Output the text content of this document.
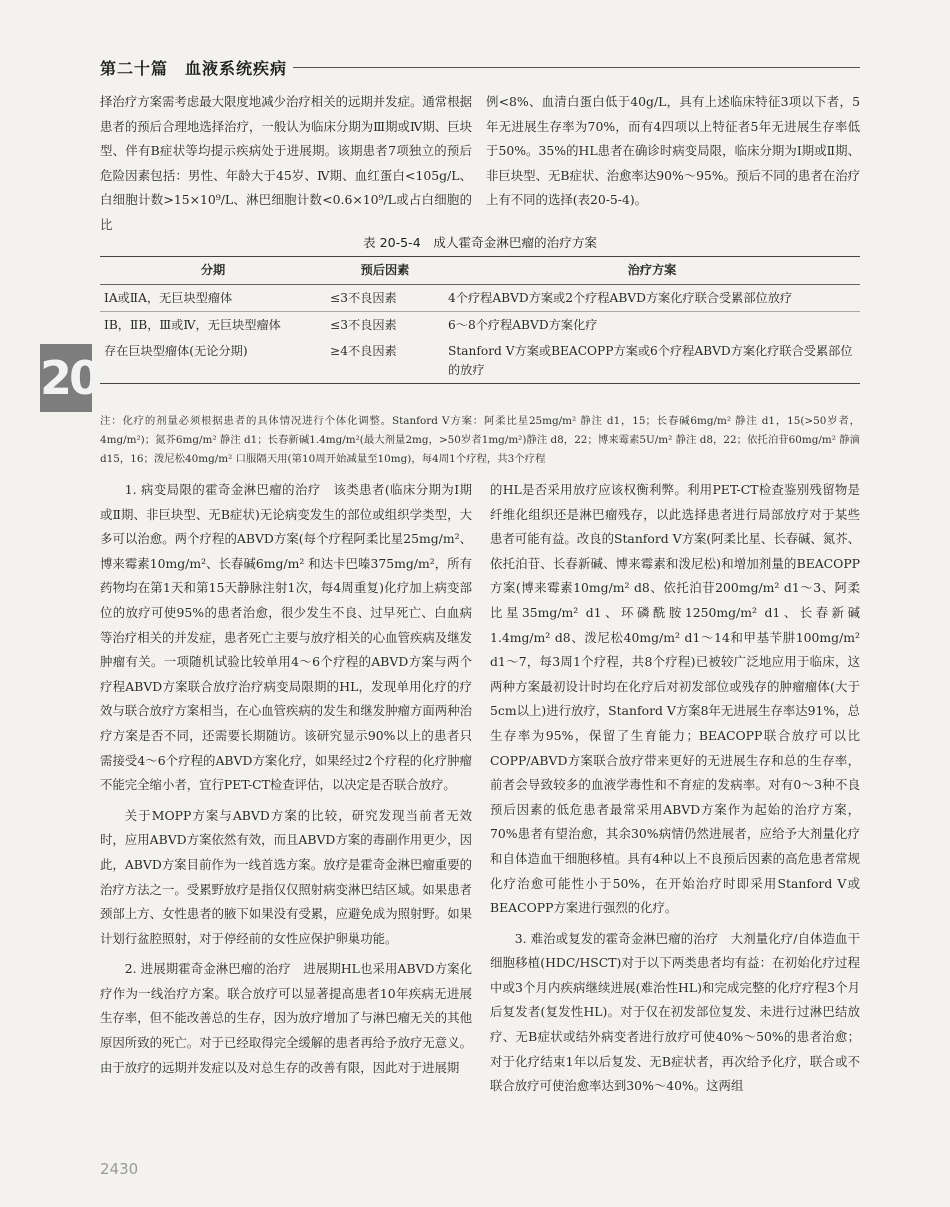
第二十篇　血液系统疾病

择治疗方案需考虑最大限度地减少治疗相关的远期并发症。通常根据患者的预后合理地选择治疗，一般认为临床分期为Ⅲ期或Ⅳ期、巨块型、伴有B症状等均提示疾病处于进展期。该期患者7项独立的预后危险因素包括：男性、年龄大于45岁、Ⅳ期、血红蛋白<105g/L、白细胞计数>15×10⁹/L、淋巴细胞计数<0.6×10⁹/L或占白细胞的比

例<8%、血清白蛋白低于40g/L，具有上述临床特征3项以下者，5年无进展生存率为70%，而有4四项以上特征者5年无进展生存率低于50%。35%的HL患者在确诊时病变局限，临床分期为Ⅰ期或Ⅱ期、非巨块型、无B症状、治愈率达90%～95%。预后不同的患者在治疗上有不同的选择(表20-5-4)。

表 20-5-4　成人霍奇金淋巴瘤的治疗方案
分期	预后因素	治疗方案
ⅠA或ⅡA，无巨块型瘤体	≤3不良因素	4个疗程ABVD方案或2个疗程ABVD方案化疗联合受累部位放疗
ⅠB，ⅡB，Ⅲ或Ⅳ，无巨块型瘤体	≤3不良因素	6～8个疗程ABVD方案化疗
存在巨块型瘤体(无论分期)	≥4不良因素	Stanford Ⅴ方案或BEACOPP方案或6个疗程ABVD方案化疗联合受累部位的放疗
20
注：化疗的剂量必须根据患者的具体情况进行个体化调整。Stanford Ⅴ方案：阿柔比星25mg/m² 静注 d1，15；长春碱6mg/m² 静注 d1，15(>50岁者，4mg/m²)；氮芥6mg/m² 静注 d1；长春新碱1.4mg/m²(最大剂量2mg，>50岁者1mg/m²)静注 d8，22；博来霉素5U/m² 静注 d8，22；依托泊苷60mg/m² 静滴 d15，16；泼尼松40mg/m² 口服隔天用(第10周开始减量至10mg)，每4周1个疗程，共3个疗程

1. 病变局限的霍奇金淋巴瘤的治疗　该类患者(临床分期为Ⅰ期或Ⅱ期、非巨块型、无B症状)无论病变发生的部位或组织学类型，大多可以治愈。两个疗程的ABVD方案(每个疗程阿柔比星25mg/m²、博来霉素10mg/m²、长春碱6mg/m² 和达卡巴嗪375mg/m²，所有药物均在第1天和第15天静脉注射1次，每4周重复)化疗加上病变部位的放疗可使95%的患者治愈，很少发生不良、过早死亡、白血病等治疗相关的并发症，患者死亡主要与放疗相关的心血管疾病及继发肿瘤有关。一项随机试验比较单用4～6个疗程的ABVD方案与两个疗程ABVD方案联合放疗治疗病变局限期的HL，发现单用化疗的疗效与联合放疗方案相当，在心血管疾病的发生和继发肿瘤方面两种治疗方案是否不同，还需要长期随访。该研究显示90%以上的患者只需接受4～6个疗程的ABVD方案化疗，如果经过2个疗程的化疗肿瘤不能完全缩小者，宜行PET-CT检查评估，以决定是否联合放疗。

关于MOPP方案与ABVD方案的比较，研究发现当前者无效时，应用ABVD方案依然有效，而且ABVD方案的毒副作用更少，因此，ABVD方案目前作为一线首选方案。放疗是霍奇金淋巴瘤重要的治疗方法之一。受累野放疗是指仅仅照射病变淋巴结区域。如果患者颈部上方、女性患者的腋下如果没有受累，应避免成为照射野。如果计划行盆腔照射，对于停经前的女性应保护卵巢功能。

2. 进展期霍奇金淋巴瘤的治疗　进展期HL也采用ABVD方案化疗作为一线治疗方案。联合放疗可以显著提高患者10年疾病无进展生存率，但不能改善总的生存，因为放疗增加了与淋巴瘤无关的其他原因所致的死亡。对于已经取得完全缓解的患者再给予放疗无意义。由于放疗的远期并发症以及对总生存的改善有限，因此对于进展期

的HL是否采用放疗应该权衡利弊。利用PET-CT检查鉴别残留物是纤维化组织还是淋巴瘤残存，以此选择患者进行局部放疗对于某些患者可能有益。改良的Stanford Ⅴ方案(阿柔比星、长春碱、氮芥、依托泊苷、长春新碱、博来霉素和泼尼松)和增加剂量的BEACOPP方案(博来霉素10mg/m² d8、依托泊苷200mg/m² d1～3、阿柔比星35mg/m² d1、环磷酰胺1250mg/m² d1、长春新碱1.4mg/m² d8、泼尼松40mg/m² d1～14和甲基苄肼100mg/m² d1～7，每3周1个疗程，共8个疗程)已被较广泛地应用于临床，这两种方案最初设计时均在化疗后对初发部位或残存的肿瘤瘤体(大于5cm以上)进行放疗，Stanford Ⅴ方案8年无进展生存率达91%，总生存率为95%，保留了生育能力；BEACOPP联合放疗可以比COPP/ABVD方案联合放疗带来更好的无进展生存和总的生存率，前者会导致较多的血液学毒性和不育症的发病率。对有0～3种不良预后因素的低危患者最常采用ABVD方案作为起始的治疗方案，70%患者有望治愈，其余30%病情仍然进展者，应给予大剂量化疗和自体造血干细胞移植。具有4种以上不良预后因素的高危患者常规化疗治愈可能性小于50%，在开始治疗时即采用Stanford Ⅴ或BEACOPP方案进行强烈的化疗。

3. 难治或复发的霍奇金淋巴瘤的治疗　大剂量化疗/自体造血干细胞移植(HDC/HSCT)对于以下两类患者均有益：在初始化疗过程中或3个月内疾病继续进展(难治性HL)和完成完整的化疗疗程3个月后复发者(复发性HL)。对于仅在初发部位复发、未进行过淋巴结放疗、无B症状或结外病变者进行放疗可使40%～50%的患者治愈；对于化疗结束1年以后复发、无B症状者，再次给予化疗，联合或不联合放疗可使治愈率达到30%～40%。这两组

2430
